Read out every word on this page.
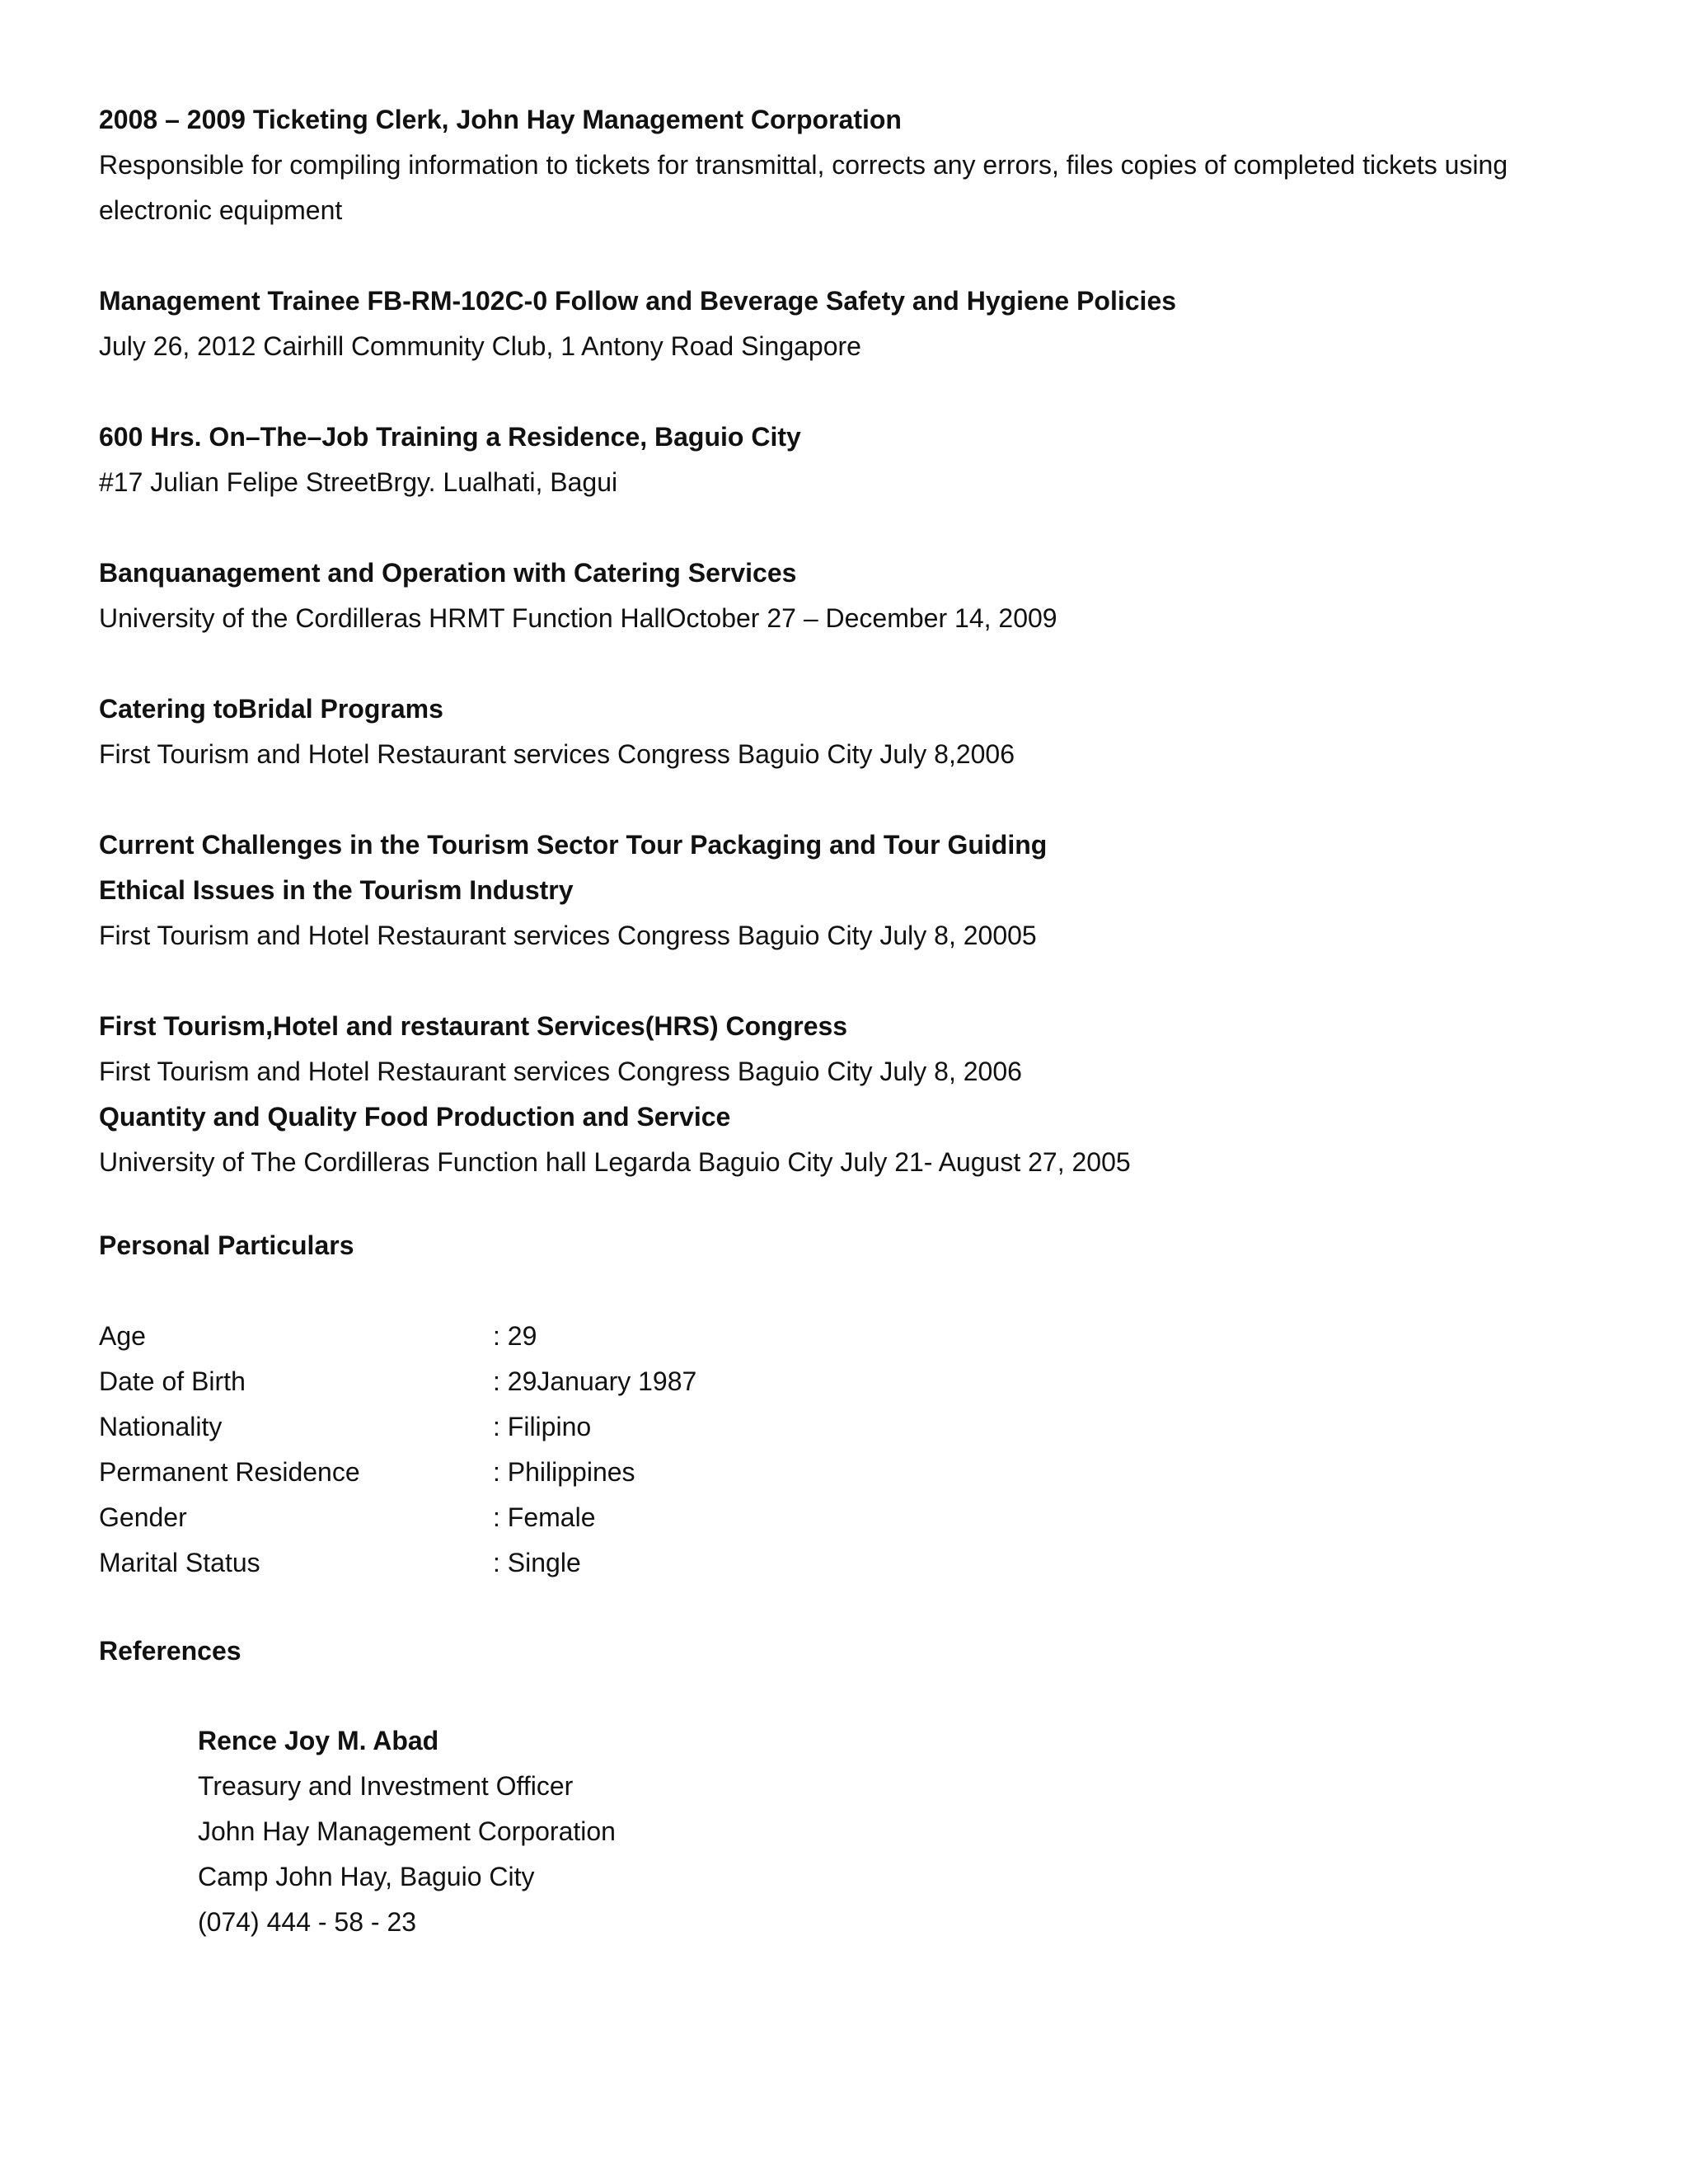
2008 – 2009 Ticketing Clerk, John Hay Management Corporation
Responsible for compiling information to tickets for transmittal, corrects any errors, files copies of completed tickets using electronic equipment
Management Trainee FB-RM-102C-0 Follow and Beverage Safety and Hygiene Policies
July 26, 2012 Cairhill Community Club, 1 Antony Road Singapore
600 Hrs. On–The–Job Training a Residence, Baguio City
#17 Julian Felipe StreetBrgy. Lualhati, Bagui
Banquanagement and Operation with Catering Services
University of the Cordilleras HRMT Function HallOctober 27 – December 14, 2009
Catering toBridal Programs
First Tourism and Hotel Restaurant services Congress Baguio City July 8,2006
Current Challenges in the Tourism Sector Tour Packaging and Tour Guiding
Ethical Issues in the Tourism Industry
First Tourism and Hotel Restaurant services Congress Baguio City July 8, 20005
First Tourism,Hotel and restaurant Services(HRS) Congress
First Tourism and Hotel Restaurant services Congress Baguio City July 8, 2006
Quantity and Quality Food Production and Service
University of The Cordilleras Function hall Legarda Baguio City July 21- August 27, 2005
Personal Particulars
Age	: 29
Date of Birth	: 29January 1987
Nationality	: Filipino
Permanent Residence	: Philippines
Gender	: Female
Marital Status	: Single
References
Rence Joy M. Abad
Treasury and Investment Officer
John Hay Management Corporation
Camp John Hay, Baguio City
(074) 444 - 58 - 23
